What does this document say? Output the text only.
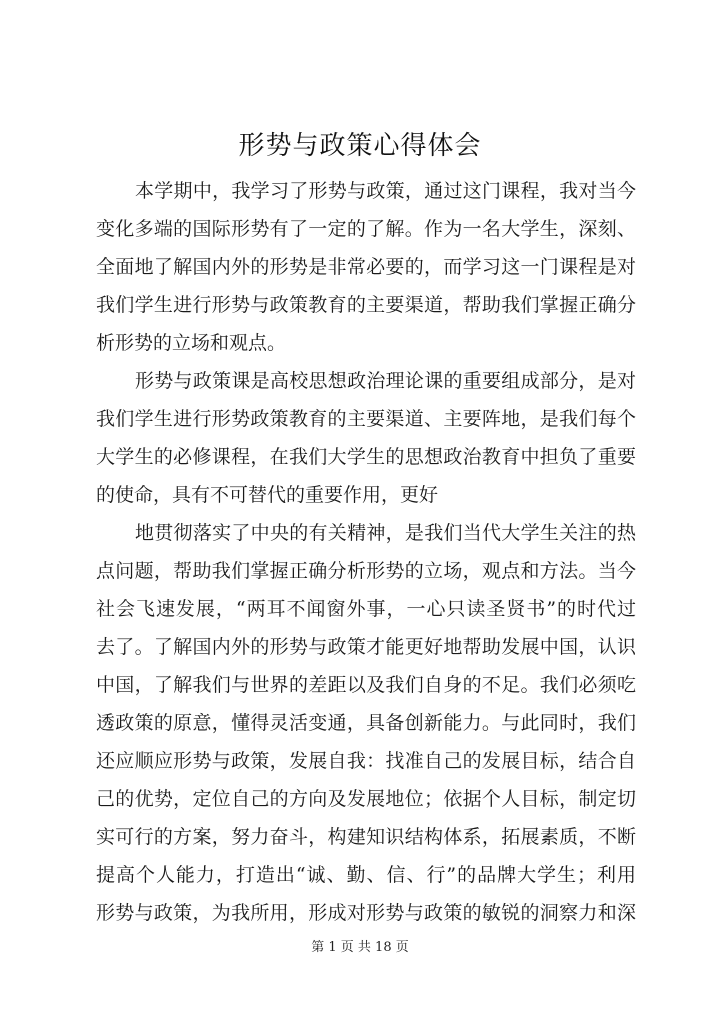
形势与政策心得体会
本学期中，我学习了形势与政策，通过这门课程，我对当今
变化多端的国际形势有了一定的了解。作为一名大学生，深刻、
全面地了解国内外的形势是非常必要的，而学习这一门课程是对
我们学生进行形势与政策教育的主要渠道，帮助我们掌握正确分
析形势的立场和观点。
形势与政策课是高校思想政治理论课的重要组成部分，是对
我们学生进行形势政策教育的主要渠道、主要阵地，是我们每个
大学生的必修课程，在我们大学生的思想政治教育中担负了重要
的使命，具有不可替代的重要作用，更好
地贯彻落实了中央的有关精神，是我们当代大学生关注的热
点问题，帮助我们掌握正确分析形势的立场，观点和方法。当今
社会飞速发展，“两耳不闻窗外事，一心只读圣贤书”的时代过
去了。了解国内外的形势与政策才能更好地帮助发展中国，认识
中国，了解我们与世界的差距以及我们自身的不足。我们必须吃
透政策的原意，懂得灵活变通，具备创新能力。与此同时，我们
还应顺应形势与政策，发展自我：找准自己的发展目标，结合自
己的优势，定位自己的方向及发展地位；依据个人目标，制定切
实可行的方案，努力奋斗，构建知识结构体系，拓展素质，不断
提高个人能力，打造出“诚、勤、信、行”的品牌大学生；利用
形势与政策，为我所用，形成对形势与政策的敏锐的洞察力和深
第 1 页 共 18 页
